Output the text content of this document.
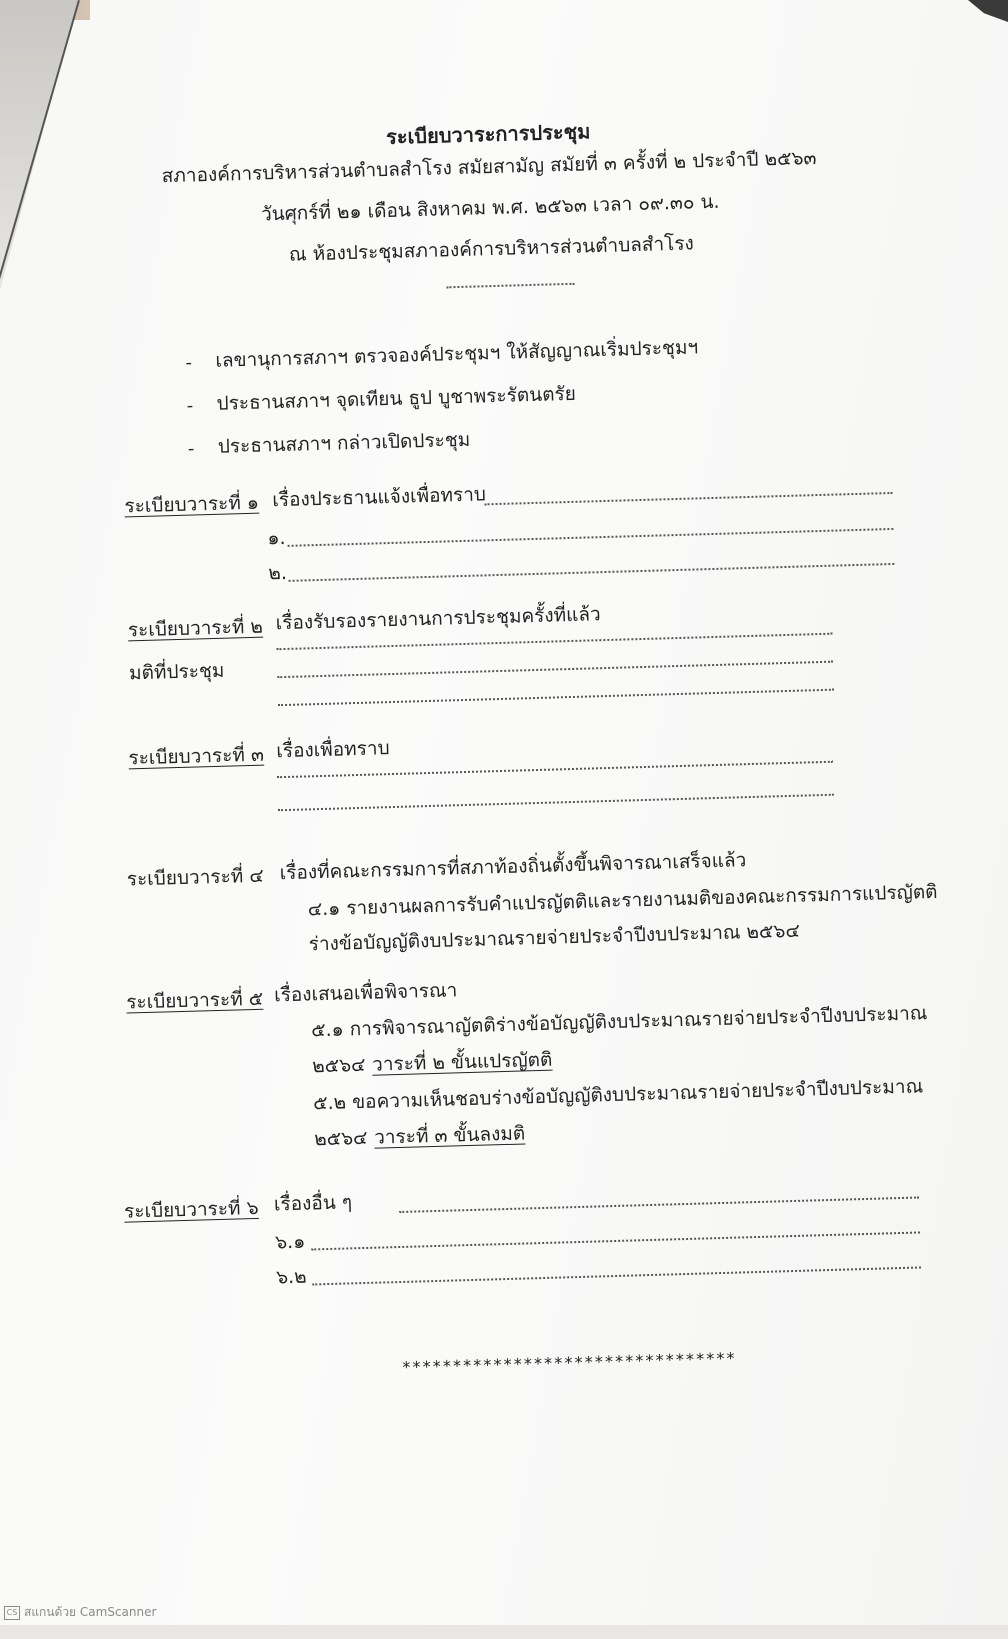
ระเบียบวาระการประชุม
สภาองค์การบริหารส่วนตำบลสำโรง สมัยสามัญ สมัยที่ ๓ ครั้งที่ ๒ ประจำปี ๒๕๖๓
วันศุกร์ที่ ๒๑ เดือน สิงหาคม พ.ศ. ๒๕๖๓ เวลา ๐๙.๓๐ น.
ณ ห้องประชุมสภาองค์การบริหารส่วนตำบลสำโรง
- เลขานุการสภาฯ ตรวจองค์ประชุมฯ ให้สัญญาณเริ่มประชุมฯ
- ประธานสภาฯ จุดเทียน ธูป บูชาพระรัตนตรัย
- ประธานสภาฯ กล่าวเปิดประชุม
ระเบียบวาระที่ ๑ เรื่องประธานแจ้งเพื่อทราบ
๑.
๒.
ระเบียบวาระที่ ๒ เรื่องรับรองรายงานการประชุมครั้งที่แล้ว
มติที่ประชุม
ระเบียบวาระที่ ๓ เรื่องเพื่อทราบ
ระเบียบวาระที่ ๔ เรื่องที่คณะกรรมการที่สภาท้องถิ่นตั้งขึ้นพิจารณาเสร็จแล้ว
๔.๑ รายงานผลการรับคำแปรญัตติและรายงานมติของคณะกรรมการแปรญัตติ
ร่างข้อบัญญัติงบประมาณรายจ่ายประจำปีงบประมาณ ๒๕๖๔
ระเบียบวาระที่ ๕ เรื่องเสนอเพื่อพิจารณา
๕.๑ การพิจารณาญัตติร่างข้อบัญญัติงบประมาณรายจ่ายประจำปีงบประมาณ
๒๕๖๔ วาระที่ ๒ ขั้นแปรญัตติ
๕.๒ ขอความเห็นชอบร่างข้อบัญญัติงบประมาณรายจ่ายประจำปีงบประมาณ
๒๕๖๔ วาระที่ ๓ ขั้นลงมติ
ระเบียบวาระที่ ๖ เรื่องอื่น ๆ
๖.๑
๖.๒
*********************************
CS สแกนด้วย CamScanner
